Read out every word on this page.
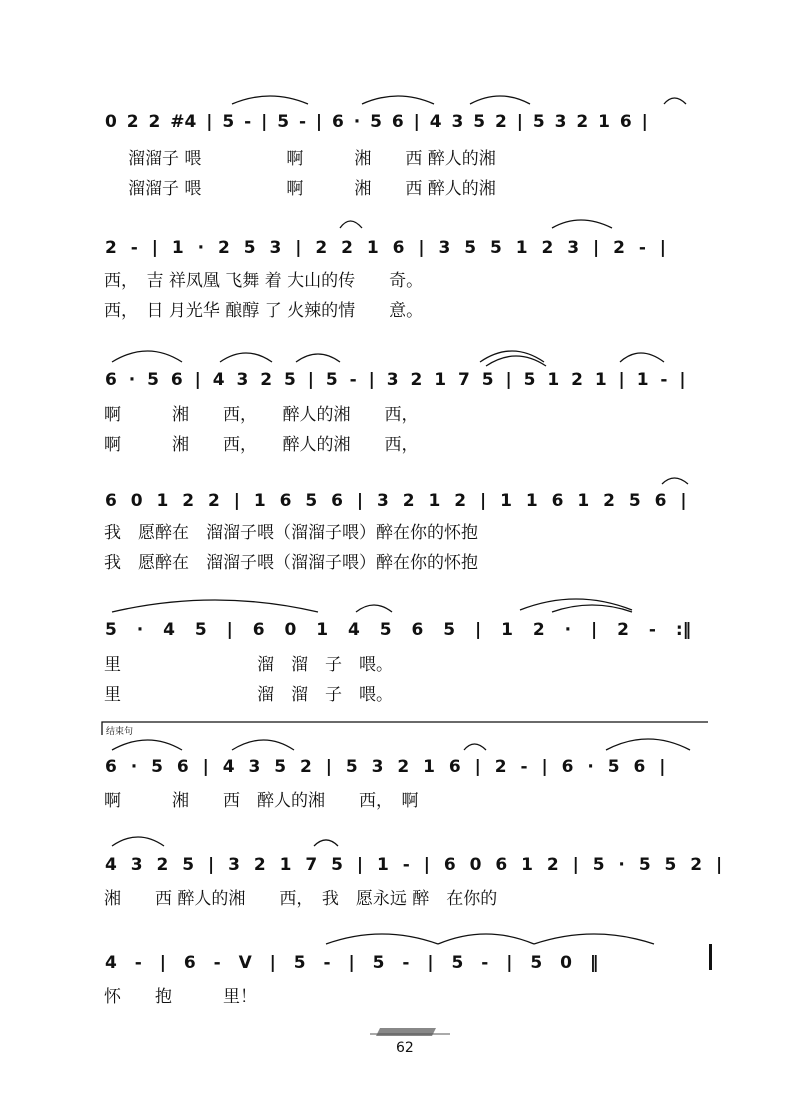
0 2 2 #4 | 5 - | 5 - | 6 · 5 6 | 4 3 5 2 | 5 3 2 1 6 |
溜溜子 喂　　　　　啊　　　湘　　西 醉人的湘
溜溜子 喂　　　　　啊　　　湘　　西 醉人的湘
2 - | 1 · 2 5 3 | 2 2 1 6 | 3 5 5 1 2 3 | 2 - |
西，　吉 祥凤凰 飞舞 着 大山的传　　奇。
西，　日 月光华 酿醇 了 火辣的情　　意。
6 · 5 6 | 4 3 2 5 | 5 - | 3 2 1 7 5 | 5 1 2 1 | 1 - |
啊　　　湘　　西，　　醉人的湘　　西，
啊　　　湘　　西，　　醉人的湘　　西，
6 0 1 2 2 | 1 6 5 6 | 3 2 1 2 | 1 1 6 1 2 5 6 |
我　愿醉在　溜溜子喂（溜溜子喂）醉在你的怀抱
我　愿醉在　溜溜子喂（溜溜子喂）醉在你的怀抱
5 · 4 5 | 6 0 1 4 5 6 5 | 1 2 · | 2 - :‖
里　　　　　　　　溜　溜　子　喂。
里　　　　　　　　溜　溜　子　喂。
结束句
6 · 5 6 | 4 3 5 2 | 5 3 2 1 6 | 2 - | 6 · 5 6 |
啊　　　湘　　西　醉人的湘　　西，　啊
4 3 2 5 | 3 2 1 7 5 | 1 - | 6 0 6 1 2 | 5 · 5 5 2 |
湘　　西 醉人的湘　　西，　我　愿永远 醉　在你的
4 - | 6 - V | 5 - | 5 - | 5 - | 5 0 ‖
怀　　抱　　　里！
62
